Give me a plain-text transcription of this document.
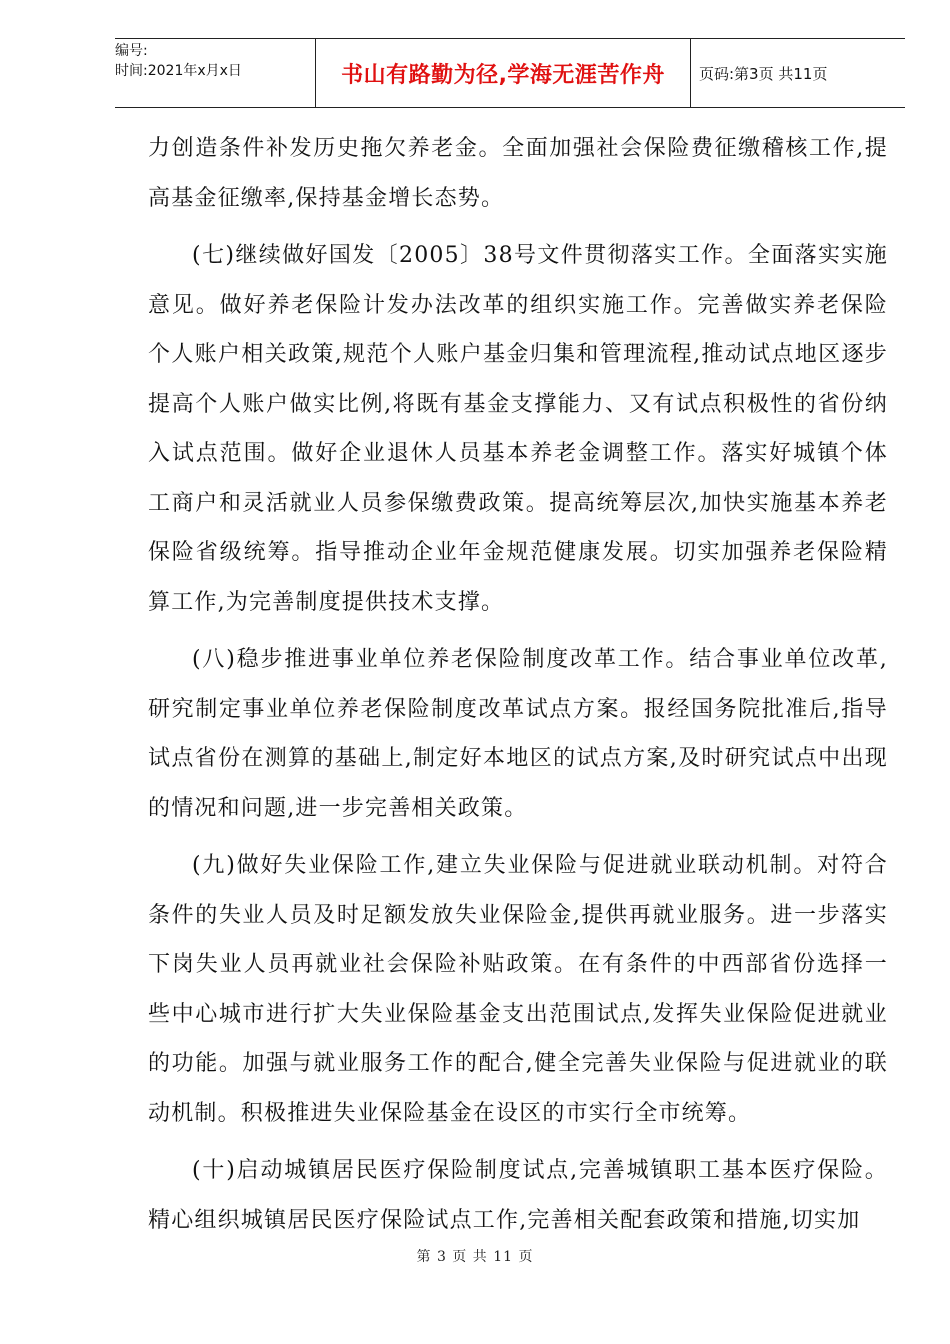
编号:
时间:2021年x月x日	书山有路勤为径,学海无涯苦作舟	页码:第3页 共11页

力创造条件补发历史拖欠养老金。全面加强社会保险费征缴稽核工作,提高基金征缴率,保持基金增长态势。

(七)继续做好国发〔2005〕38号文件贯彻落实工作。全面落实实施意见。做好养老保险计发办法改革的组织实施工作。完善做实养老保险个人账户相关政策,规范个人账户基金归集和管理流程,推动试点地区逐步提高个人账户做实比例,将既有基金支撑能力、又有试点积极性的省份纳入试点范围。做好企业退休人员基本养老金调整工作。落实好城镇个体工商户和灵活就业人员参保缴费政策。提高统筹层次,加快实施基本养老保险省级统筹。指导推动企业年金规范健康发展。切实加强养老保险精算工作,为完善制度提供技术支撑。

(八)稳步推进事业单位养老保险制度改革工作。结合事业单位改革,研究制定事业单位养老保险制度改革试点方案。报经国务院批准后,指导试点省份在测算的基础上,制定好本地区的试点方案,及时研究试点中出现的情况和问题,进一步完善相关政策。

(九)做好失业保险工作,建立失业保险与促进就业联动机制。对符合条件的失业人员及时足额发放失业保险金,提供再就业服务。进一步落实下岗失业人员再就业社会保险补贴政策。在有条件的中西部省份选择一些中心城市进行扩大失业保险基金支出范围试点,发挥失业保险促进就业的功能。加强与就业服务工作的配合,健全完善失业保险与促进就业的联动机制。积极推进失业保险基金在设区的市实行全市统筹。

(十)启动城镇居民医疗保险制度试点,完善城镇职工基本医疗保险。精心组织城镇居民医疗保险试点工作,完善相关配套政策和措施,切实加

第 3 页 共 11 页
